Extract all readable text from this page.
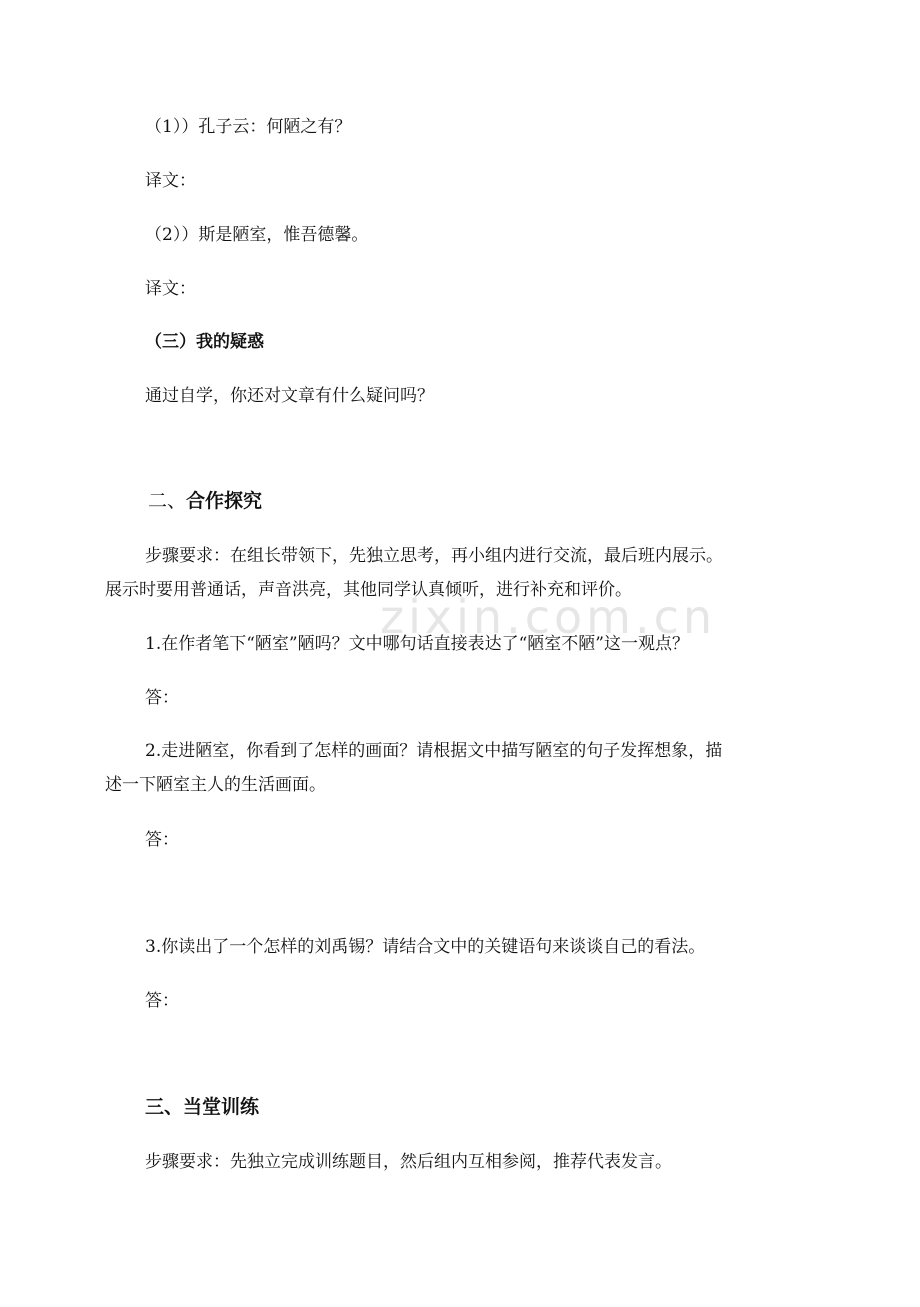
zixin.com.cn
（1））孔子云：何陋之有？
译文：
（2））斯是陋室，惟吾德馨。
译文：
（三）我的疑惑
通过自学，你还对文章有什么疑问吗？
二、合作探究
步骤要求：在组长带领下，先独立思考，再小组内进行交流，最后班内展示。
展示时要用普通话，声音洪亮，其他同学认真倾听，进行补充和评价。
1.在作者笔下“陋室”陋吗？文中哪句话直接表达了“陋室不陋”这一观点？
答：
2.走进陋室，你看到了怎样的画面？请根据文中描写陋室的句子发挥想象，描
述一下陋室主人的生活画面。
答：
3.你读出了一个怎样的刘禹锡？请结合文中的关键语句来谈谈自己的看法。
答：
三、当堂训练
步骤要求：先独立完成训练题目，然后组内互相参阅，推荐代表发言。
